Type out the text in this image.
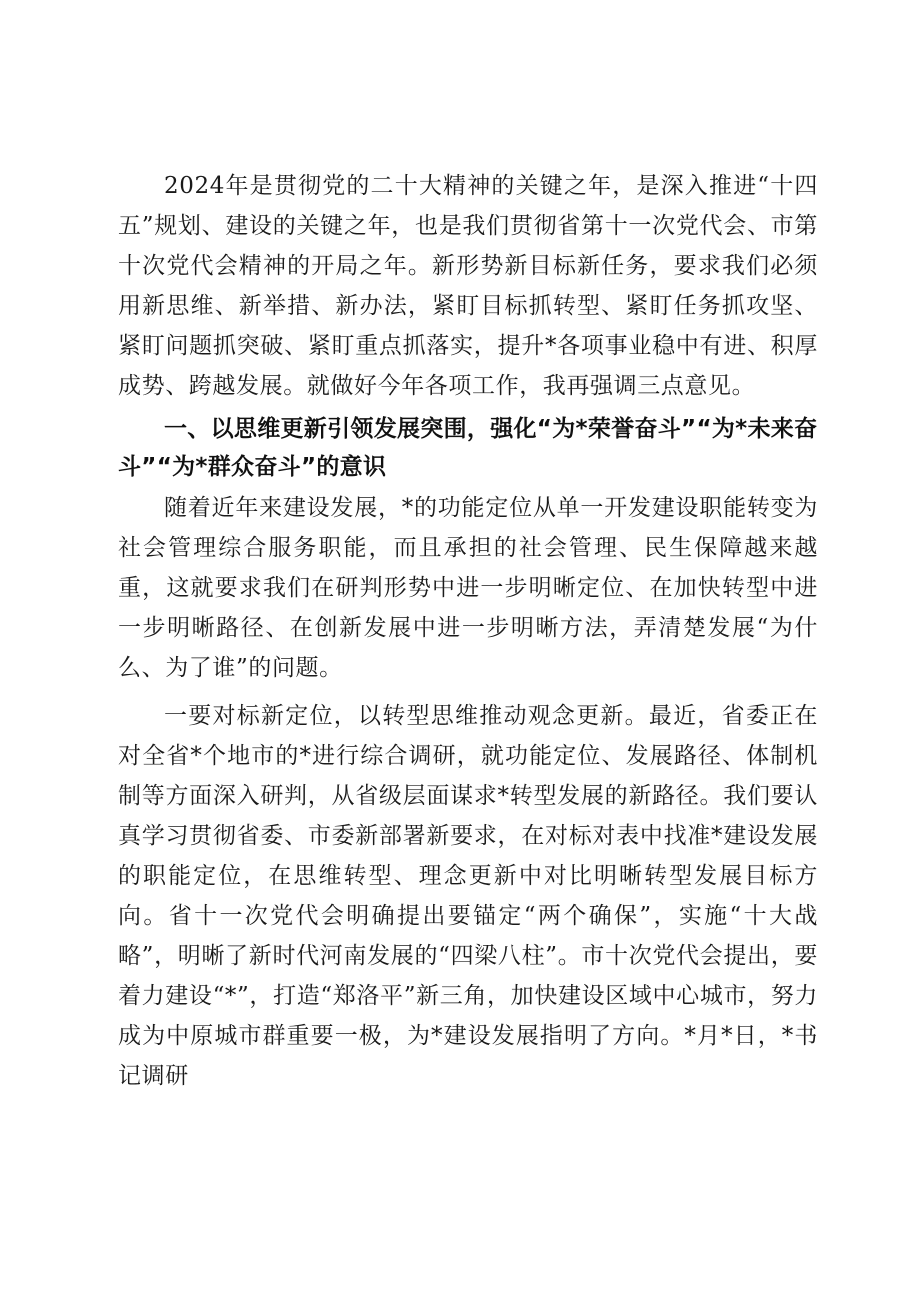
2024年是贯彻党的二十大精神的关键之年，是深入推进“十四五”规划、建设的关键之年，也是我们贯彻省第十一次党代会、市第十次党代会精神的开局之年。新形势新目标新任务，要求我们必须用新思维、新举措、新办法，紧盯目标抓转型、紧盯任务抓攻坚、紧盯问题抓突破、紧盯重点抓落实，提升*各项事业稳中有进、积厚成势、跨越发展。就做好今年各项工作，我再强调三点意见。

一、以思维更新引领发展突围，强化“为*荣誉奋斗”“为*未来奋斗”“为*群众奋斗”的意识

随着近年来建设发展，*的功能定位从单一开发建设职能转变为社会管理综合服务职能，而且承担的社会管理、民生保障越来越重，这就要求我们在研判形势中进一步明晰定位、在加快转型中进一步明晰路径、在创新发展中进一步明晰方法，弄清楚发展“为什么、为了谁”的问题。

一要对标新定位，以转型思维推动观念更新。最近，省委正在对全省*个地市的*进行综合调研，就功能定位、发展路径、体制机制等方面深入研判，从省级层面谋求*转型发展的新路径。我们要认真学习贯彻省委、市委新部署新要求，在对标对表中找准*建设发展的职能定位，在思维转型、理念更新中对比明晰转型发展目标方向。省十一次党代会明确提出要锚定“两个确保”，实施“十大战略”，明晰了新时代河南发展的“四梁八柱”。市十次党代会提出，要着力建设“*”，打造“郑洛平”新三角，加快建设区域中心城市，努力成为中原城市群重要一极，为*建设发展指明了方向。*月*日，*书记调研
